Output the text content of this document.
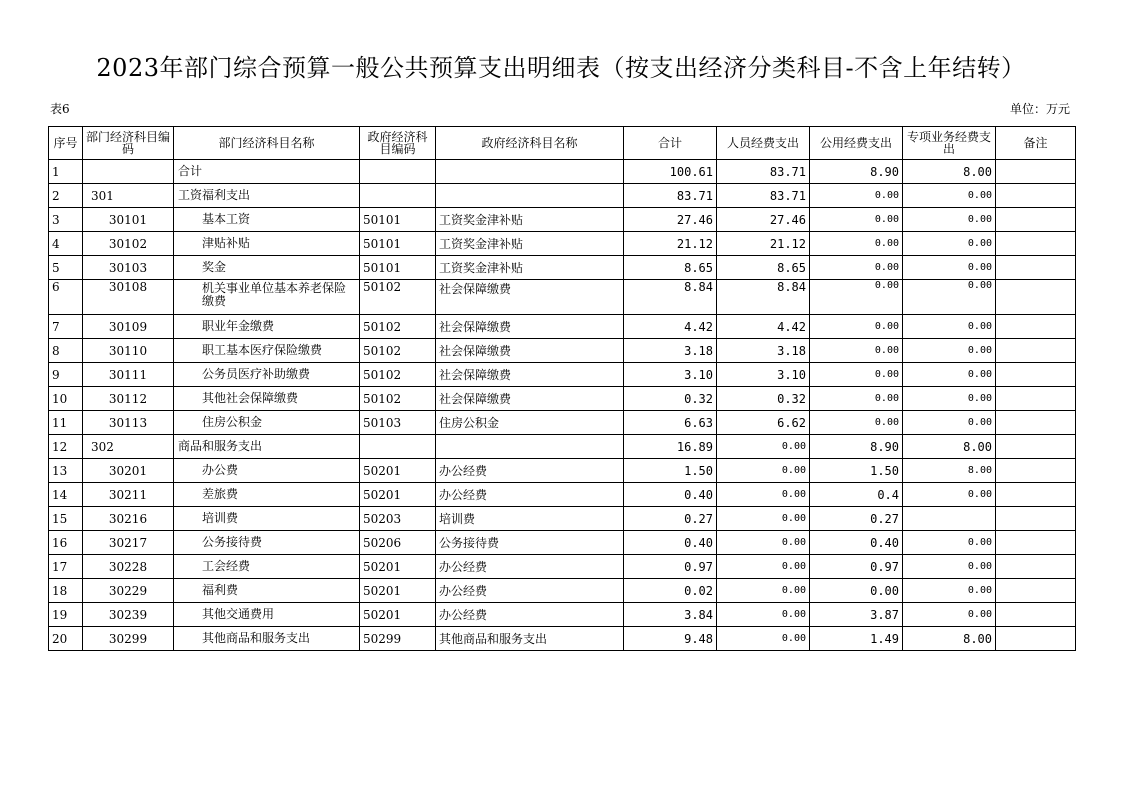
2023年部门综合预算一般公共预算支出明细表（按支出经济分类科目-不含上年结转）
表6	单位：万元
序号	部门经济科目编码	部门经济科目名称	政府经济科目编码	政府经济科目名称	合计	人员经费支出	公用经费支出	专项业务经费支出	备注
1		合计			100.61	83.71	8.90	8.00	
2	301	工资福利支出			83.71	83.71	0.00	0.00	
3	30101	基本工资	50101	工资奖金津补贴	27.46	27.46	0.00	0.00	
4	30102	津贴补贴	50101	工资奖金津补贴	21.12	21.12	0.00	0.00	
5	30103	奖金	50101	工资奖金津补贴	8.65	8.65	0.00	0.00	
6	30108	机关事业单位基本养老保险缴费	50102	社会保障缴费	8.84	8.84	0.00	0.00	
7	30109	职业年金缴费	50102	社会保障缴费	4.42	4.42	0.00	0.00	
8	30110	职工基本医疗保险缴费	50102	社会保障缴费	3.18	3.18	0.00	0.00	
9	30111	公务员医疗补助缴费	50102	社会保障缴费	3.10	3.10	0.00	0.00	
10	30112	其他社会保障缴费	50102	社会保障缴费	0.32	0.32	0.00	0.00	
11	30113	住房公积金	50103	住房公积金	6.63	6.62	0.00	0.00	
12	302	商品和服务支出			16.89	0.00	8.90	8.00	
13	30201	办公费	50201	办公经费	1.50	0.00	1.50	8.00	
14	30211	差旅费	50201	办公经费	0.40	0.00	0.4	0.00	
15	30216	培训费	50203	培训费	0.27	0.00	0.27		
16	30217	公务接待费	50206	公务接待费	0.40	0.00	0.40	0.00	
17	30228	工会经费	50201	办公经费	0.97	0.00	0.97	0.00	
18	30229	福利费	50201	办公经费	0.02	0.00	0.00	0.00	
19	30239	其他交通费用	50201	办公经费	3.84	0.00	3.87	0.00	
20	30299	其他商品和服务支出	50299	其他商品和服务支出	9.48	0.00	1.49	8.00	
